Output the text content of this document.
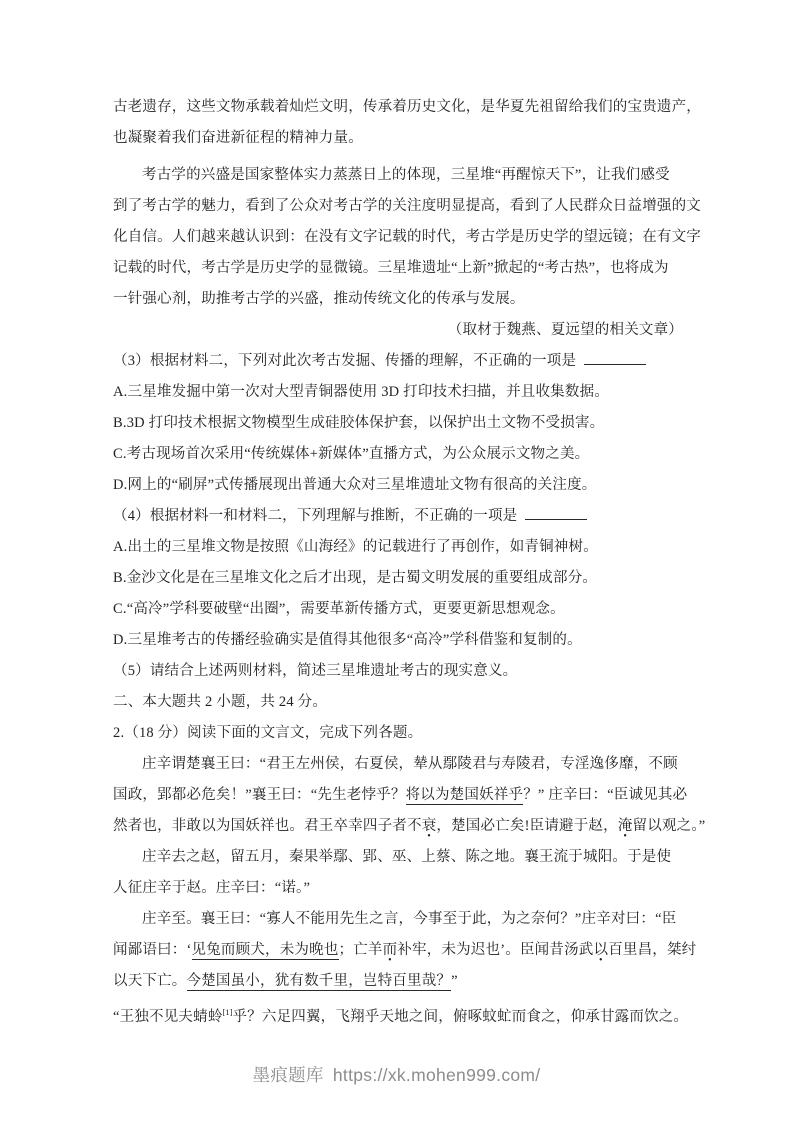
古老遗存，这些文物承载着灿烂文明，传承着历史文化，是华夏先祖留给我们的宝贵遗产，
也凝聚着我们奋进新征程的精神力量。
考古学的兴盛是国家整体实力蒸蒸日上的体现，三星堆“再醒惊天下”，让我们感受
到了考古学的魅力，看到了公众对考古学的关注度明显提高，看到了人民群众日益增强的文
化自信。人们越来越认识到：在没有文字记载的时代，考古学是历史学的望远镜；在有文字
记载的时代，考古学是历史学的显微镜。三星堆遗址“上新”掀起的“考古热”，也将成为
一针强心剂，助推考古学的兴盛，推动传统文化的传承与发展。
（取材于魏燕、夏远望的相关文章）
（3）根据材料二，下列对此次考古发掘、传播的理解，不正确的一项是
A.三星堆发掘中第一次对大型青铜器使用 3D 打印技术扫描，并且收集数据。
B.3D 打印技术根据文物模型生成硅胶体保护套，以保护出土文物不受损害。
C.考古现场首次采用“传统媒体+新媒体”直播方式，为公众展示文物之美。
D.网上的“刷屏”式传播展现出普通大众对三星堆遗址文物有很高的关注度。
（4）根据材料一和材料二，下列理解与推断，不正确的一项是
A.出土的三星堆文物是按照《山海经》的记载进行了再创作，如青铜神树。
B.金沙文化是在三星堆文化之后才出现，是古蜀文明发展的重要组成部分。
C.“高冷”学科要破壁“出圈”，需要革新传播方式，更要更新思想观念。
D.三星堆考古的传播经验确实是值得其他很多“高冷”学科借鉴和复制的。
（5）请结合上述两则材料，简述三星堆遗址考古的现实意义。
二、本大题共 2 小题，共 24 分。
2.（18 分）阅读下面的文言文，完成下列各题。
庄辛谓楚襄王曰：“君王左州侯，右夏侯，辇从鄢陵君与寿陵君，专淫逸侈靡，不顾
国政，郢都必危矣！”襄王曰：“先生老悖乎？将以为楚国妖祥乎？” 庄辛曰：“臣诚见其必
然者也，非敢以为国妖祥也。君王卒幸四子者不衰，楚国必亡矣!臣请避于赵，淹留以观之。”
庄辛去之赵，留五月，秦果举鄢、郢、巫、上蔡、陈之地。襄王流于城阳。于是使
人征庄辛于赵。庄辛曰：“诺。”
庄辛至。襄王曰：“寡人不能用先生之言，今事至于此，为之奈何？”庄辛对曰：“臣
闻鄙语曰：‘见兔而顾犬，未为晚也；亡羊而补牢，未为迟也’。臣闻昔汤武以百里昌，桀纣
以天下亡。今楚国虽小，犹有数千里，岂特百里哉？”
“王独不见夫蜻蛉[1]乎？六足四翼，飞翔乎天地之间，俯啄蚊虻而食之，仰承甘露而饮之。
墨痕题库 https://xk.mohen999.com/
